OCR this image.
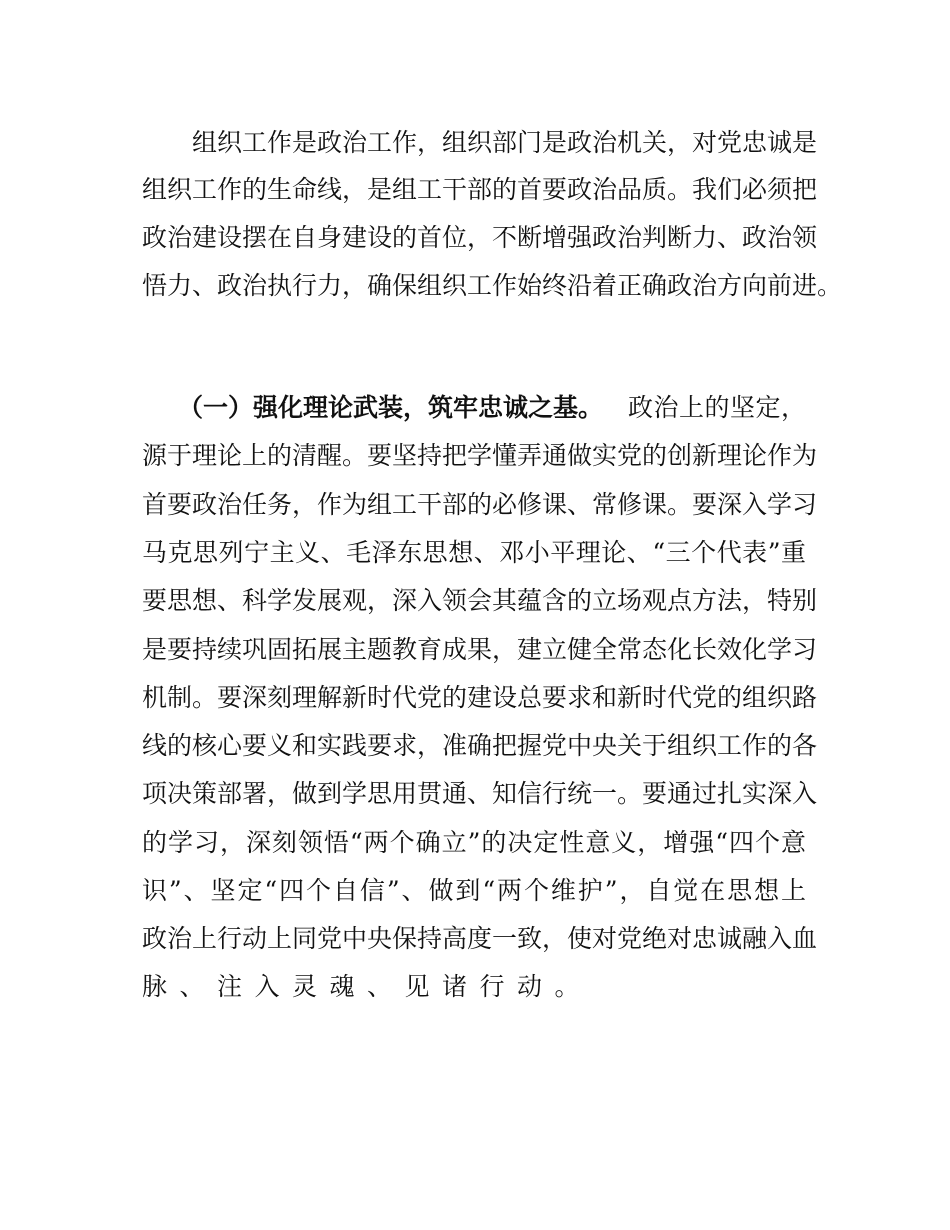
组织工作是政治工作，组织部门是政治机关，对党忠诚是
组织工作的生命线，是组工干部的首要政治品质。我们必须把
政治建设摆在自身建设的首位，不断增强政治判断力、政治领
悟力、政治执行力，确保组织工作始终沿着正确政治方向前进。
（一）强化理论武装，筑牢忠诚之基。 政治上的坚定，
源于理论上的清醒。要坚持把学懂弄通做实党的创新理论作为
首要政治任务，作为组工干部的必修课、常修课。要深入学习
马克思列宁主义、毛泽东思想、邓小平理论、“三个代表”重
要思想、科学发展观，深入领会其蕴含的立场观点方法，特别
是要持续巩固拓展主题教育成果，建立健全常态化长效化学习
机制。要深刻理解新时代党的建设总要求和新时代党的组织路
线的核心要义和实践要求，准确把握党中央关于组织工作的各
项决策部署，做到学思用贯通、知信行统一。要通过扎实深入
的学习，深刻领悟“两个确立”的决定性意义，增强“四个意
识”、坚定“四个自信”、做到“两个维护”，自觉在思想上
政治上行动上同党中央保持高度一致，使对党绝对忠诚融入血
脉、注入灵魂、见诸行动。
